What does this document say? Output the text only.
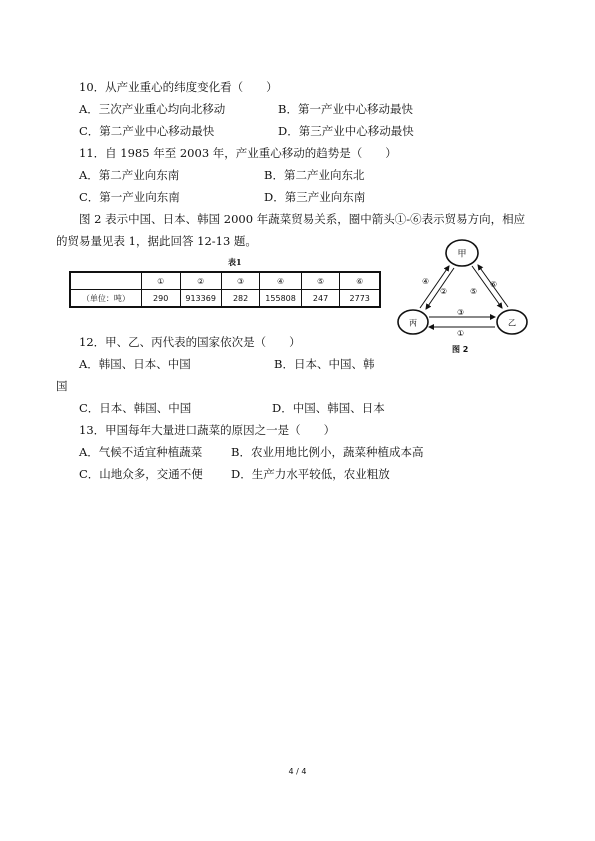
10．从产业重心的纬度变化看（　　）
A．三次产业重心均向北移动	B．第一产业中心移动最快
C．第二产业中心移动最快	D．第三产业中心移动最快
11．自 1985 年至 2003 年，产业重心移动的趋势是（　　）
A．第二产业向东南	B．第二产业向东北
C．第一产业向东南	D．第三产业向东南
图 2 表示中国、日本、韩国 2000 年蔬菜贸易关系，圈中箭头①-⑥表示贸易方向，相应
的贸易量见表 1，据此回答 12-13 题。
表1
	①	②	③	④	⑤	⑥
（单位：吨）	290	913369	282	155808	247	2773
甲
丙	乙
④
②	⑤
⑥
③
①
图 2
12．甲、乙、丙代表的国家依次是（　　）
A．韩国、日本、中国	B．日本、中国、韩
国
C．日本、韩国、中国	D．中国、韩国、日本
13．甲国每年大量进口蔬菜的原因之一是（　　）
A．气候不适宜种植蔬菜 B．农业用地比例小，蔬菜种植成本高
C．山地众多，交通不便 D．生产力水平较低，农业粗放
4 / 4
